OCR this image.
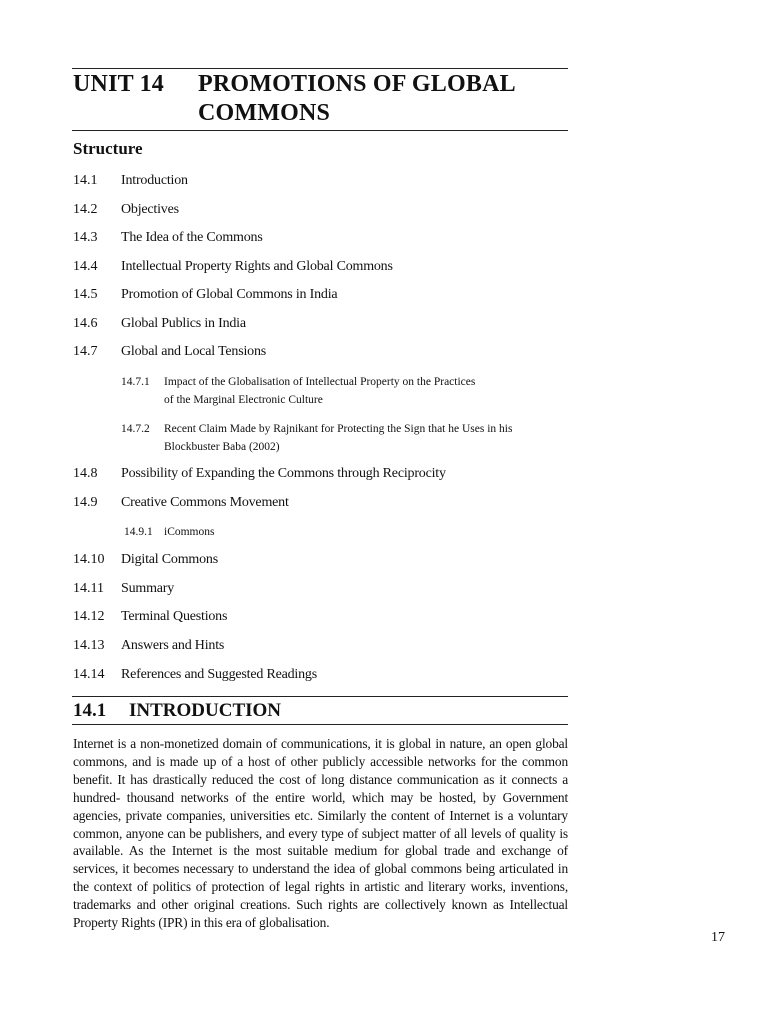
UNIT 14 PROMOTIONS OF GLOBAL
COMMONS
Structure
14.1 Introduction
14.2 Objectives
14.3 The Idea of the Commons
14.4 Intellectual Property Rights and Global Commons
14.5 Promotion of Global Commons in India
14.6 Global Publics in India
14.7 Global and Local Tensions
14.7.1 Impact of the Globalisation of Intellectual Property on the Practices
of the Marginal Electronic Culture
14.7.2 Recent Claim Made by Rajnikant for Protecting the Sign that he Uses in his
Blockbuster Baba (2002)
14.8 Possibility of Expanding the Commons through Reciprocity
14.9 Creative Commons Movement
14.9.1 iCommons
14.10 Digital Commons
14.11 Summary
14.12 Terminal Questions
14.13 Answers and Hints
14.14 References and Suggested Readings
14.1 INTRODUCTION

Internet is a non-monetized domain of communications, it is global in nature, an open global commons, and is made up of a host of other publicly accessible networks for the common benefit. It has drastically reduced the cost of long distance communication as it connects a hundred- thousand networks of the entire world, which may be hosted, by Government agencies, private companies, universities etc. Similarly the content of Internet is a voluntary common, anyone can be publishers, and every type of subject matter of all levels of quality is available. As the Internet is the most suitable medium for global trade and exchange of services, it becomes necessary to understand the idea of global commons being articulated in the context of politics of protection of legal rights in artistic and literary works, inventions, trademarks and other original creations. Such rights are collectively known as Intellectual Property Rights (IPR) in this era of globalisation.

17
